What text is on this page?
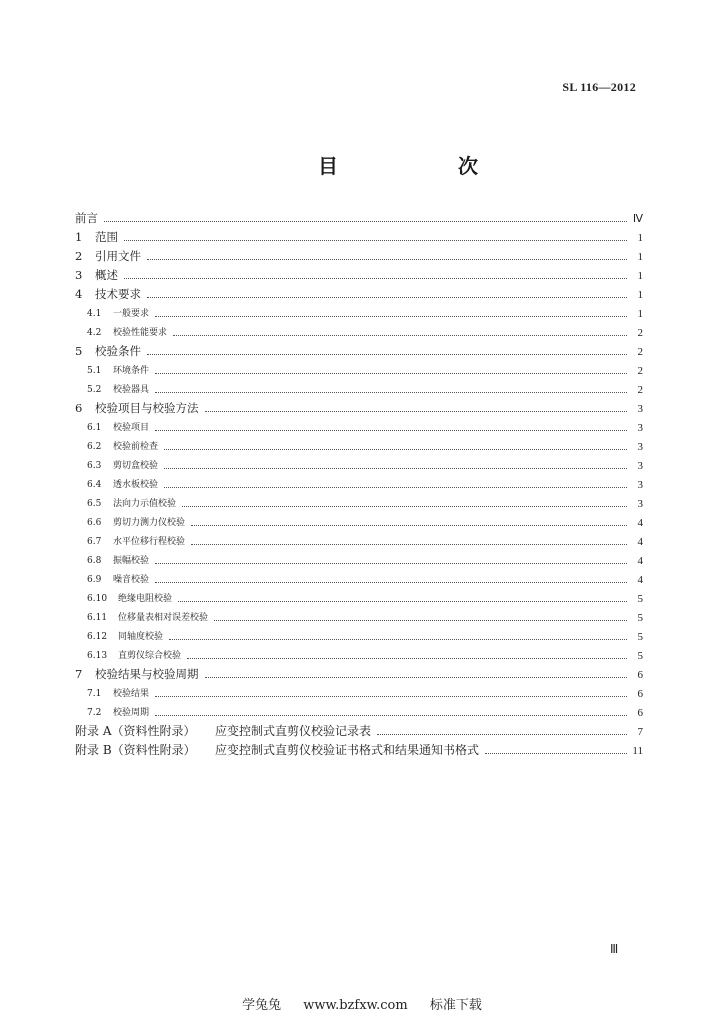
SL 116—2012
目　次
前言	Ⅳ
1	范围	1
2	引用文件	1
3	概述	1
4	技术要求	1
4.1	一般要求	1
4.2	校验性能要求	2
5	校验条件	2
5.1	环境条件	2
5.2	校验器具	2
6	校验项目与校验方法	3
6.1	校验项目	3
6.2	校验前检查	3
6.3	剪切盒校验	3
6.4	透水板校验	3
6.5	法向力示值校验	3
6.6	剪切力测力仪校验	4
6.7	水平位移行程校验	4
6.8	振幅校验	4
6.9	噪音校验	4
6.10	绝缘电阻校验	5
6.11	位移量表相对误差校验	5
6.12	同轴度校验	5
6.13	直剪仪综合校验	5
7	校验结果与校验周期	6
7.1	校验结果	6
7.2	校验周期	6
附录 A（资料性附录）	应变控制式直剪仪校验记录表	7
附录 B（资料性附录）	应变控制式直剪仪校验证书格式和结果通知书格式	11
Ⅲ
学兔兔 www.bzfxw.com 标准下载
